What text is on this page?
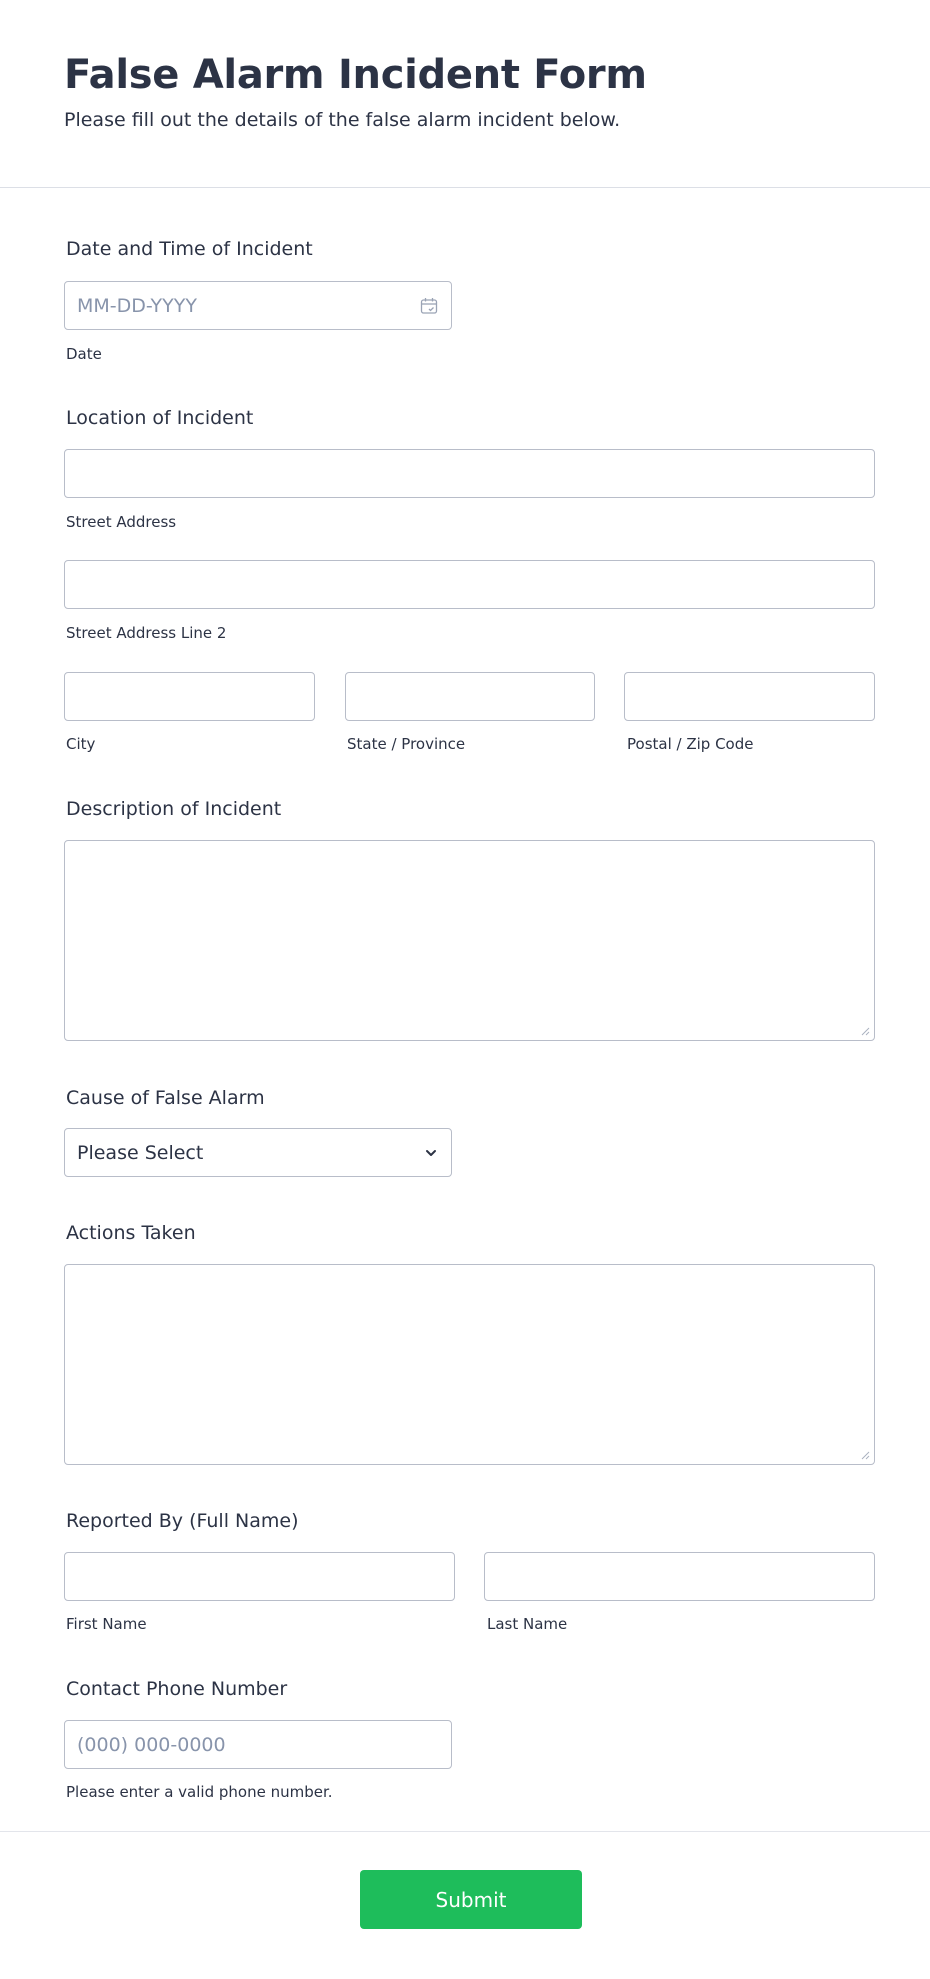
False Alarm Incident Form
Please fill out the details of the false alarm incident below.
Date and Time of Incident
MM-DD-YYYY
Date
Location of Incident
Street Address
Street Address Line 2
City	State / Province	Postal / Zip Code
Description of Incident
Cause of False Alarm
Please Select
Actions Taken
Reported By (Full Name)
First Name	Last Name
Contact Phone Number
(000) 000-0000
Please enter a valid phone number.
Submit
